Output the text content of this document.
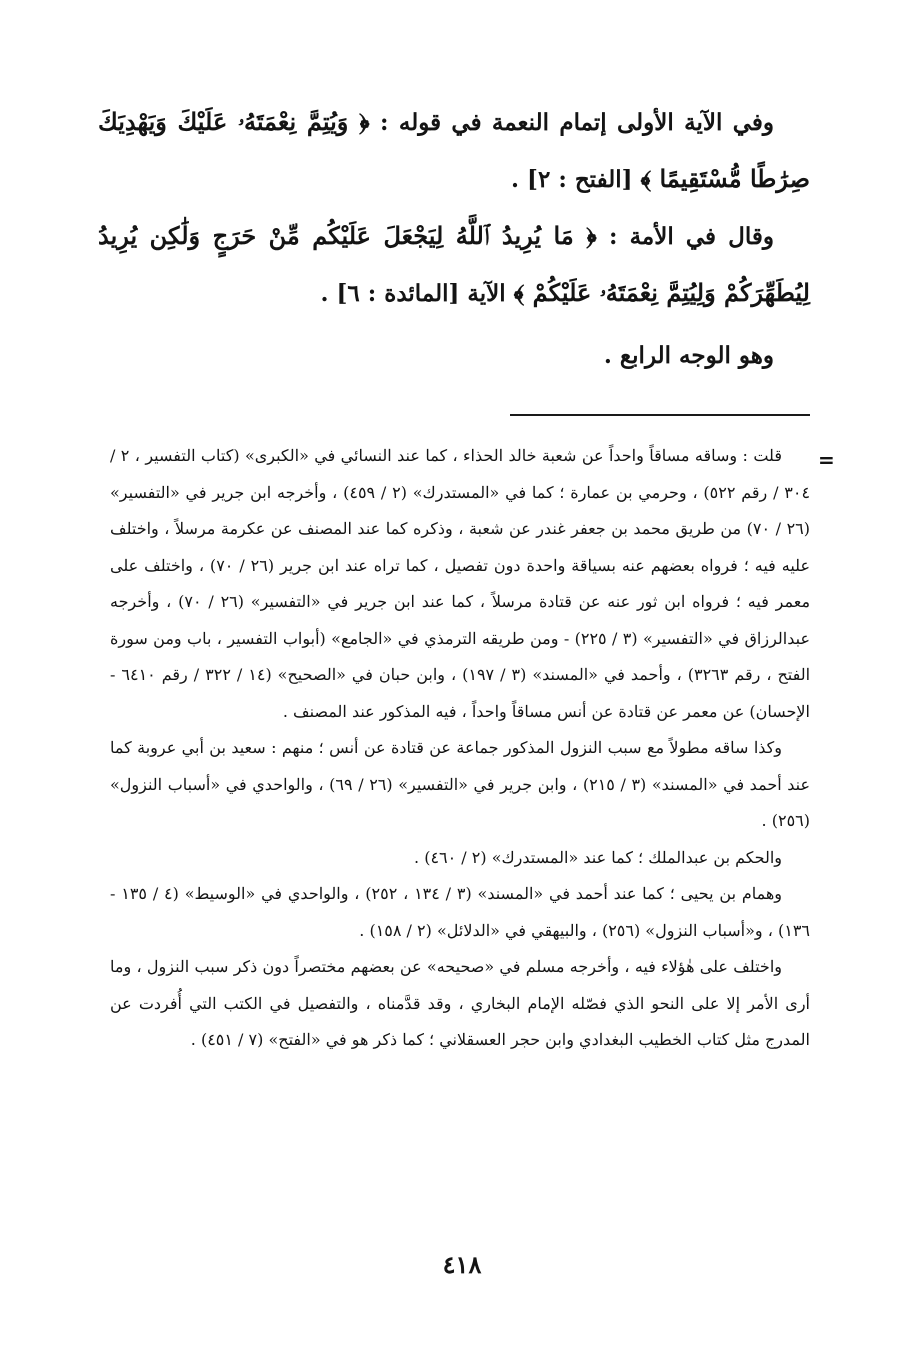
وفي الآية الأولى إتمام النعمة في قوله : ﴿ وَيُتِمَّ نِعْمَتَهُۥ عَلَيْكَ وَيَهْدِيَكَ صِرَٰطًا مُّسْتَقِيمًا ﴾ [الفتح : ٢] .

وقال في الأمة : ﴿ مَا يُرِيدُ ٱللَّهُ لِيَجْعَلَ عَلَيْكُم مِّنْ حَرَجٍ وَلَٰكِن يُرِيدُ لِيُطَهِّرَكُمْ وَلِيُتِمَّ نِعْمَتَهُۥ عَلَيْكُمْ ﴾ الآية [المائدة : ٦] .

وهو الوجه الرابع .

=

قلت : وساقه مساقاً واحداً عن شعبة خالد الحذاء ، كما عند النسائي في «الكبرى» (كتاب التفسير ، ٢ / ٣٠٤ / رقم ٥٢٢) ، وحرمي بن عمارة ؛ كما في «المستدرك» (٢ / ٤٥٩) ، وأخرجه ابن جرير في «التفسير» (٢٦ / ٧٠) من طريق محمد بن جعفر غندر عن شعبة ، وذكره كما عند المصنف عن عكرمة مرسلاً ، واختلف عليه فيه ؛ فرواه بعضهم عنه بسياقة واحدة دون تفصيل ، كما تراه عند ابن جرير (٢٦ / ٧٠) ، واختلف على معمر فيه ؛ فرواه ابن ثور عنه عن قتادة مرسلاً ، كما عند ابن جرير في «التفسير» (٢٦ / ٧٠) ، وأخرجه عبدالرزاق في «التفسير» (٣ / ٢٢٥) - ومن طريقه الترمذي في «الجامع» (أبواب التفسير ، باب ومن سورة الفتح ، رقم ٣٢٦٣) ، وأحمد في «المسند» (٣ / ١٩٧) ، وابن حبان في «الصحيح» (١٤ / ٣٢٢ / رقم ٦٤١٠ - الإحسان) عن معمر عن قتادة عن أنس مساقاً واحداً ، فيه المذكور عند المصنف .

وكذا ساقه مطولاً مع سبب النزول المذكور جماعة عن قتادة عن أنس ؛ منهم : سعيد بن أبي عروبة كما عند أحمد في «المسند» (٣ / ٢١٥) ، وابن جرير في «التفسير» (٢٦ / ٦٩) ، والواحدي في «أسباب النزول» (٢٥٦) .

والحكم بن عبدالملك ؛ كما عند «المستدرك» (٢ / ٤٦٠) .

وهمام بن يحيى ؛ كما عند أحمد في «المسند» (٣ / ١٣٤ ، ٢٥٢) ، والواحدي في «الوسيط» (٤ / ١٣٥ - ١٣٦) ، و«أسباب النزول» (٢٥٦) ، والبيهقي في «الدلائل» (٢ / ١٥٨) .

واختلف على هٰؤلاء فيه ، وأخرجه مسلم في «صحيحه» عن بعضهم مختصراً دون ذكر سبب النزول ، وما أرى الأمر إلا على النحو الذي فصّله الإمام البخاري ، وقد قدَّمناه ، والتفصيل في الكتب التي أُفردت عن المدرج مثل كتاب الخطيب البغدادي وابن حجر العسقلاني ؛ كما ذكر هو في «الفتح» (٧ / ٤٥١) .

٤١٨
